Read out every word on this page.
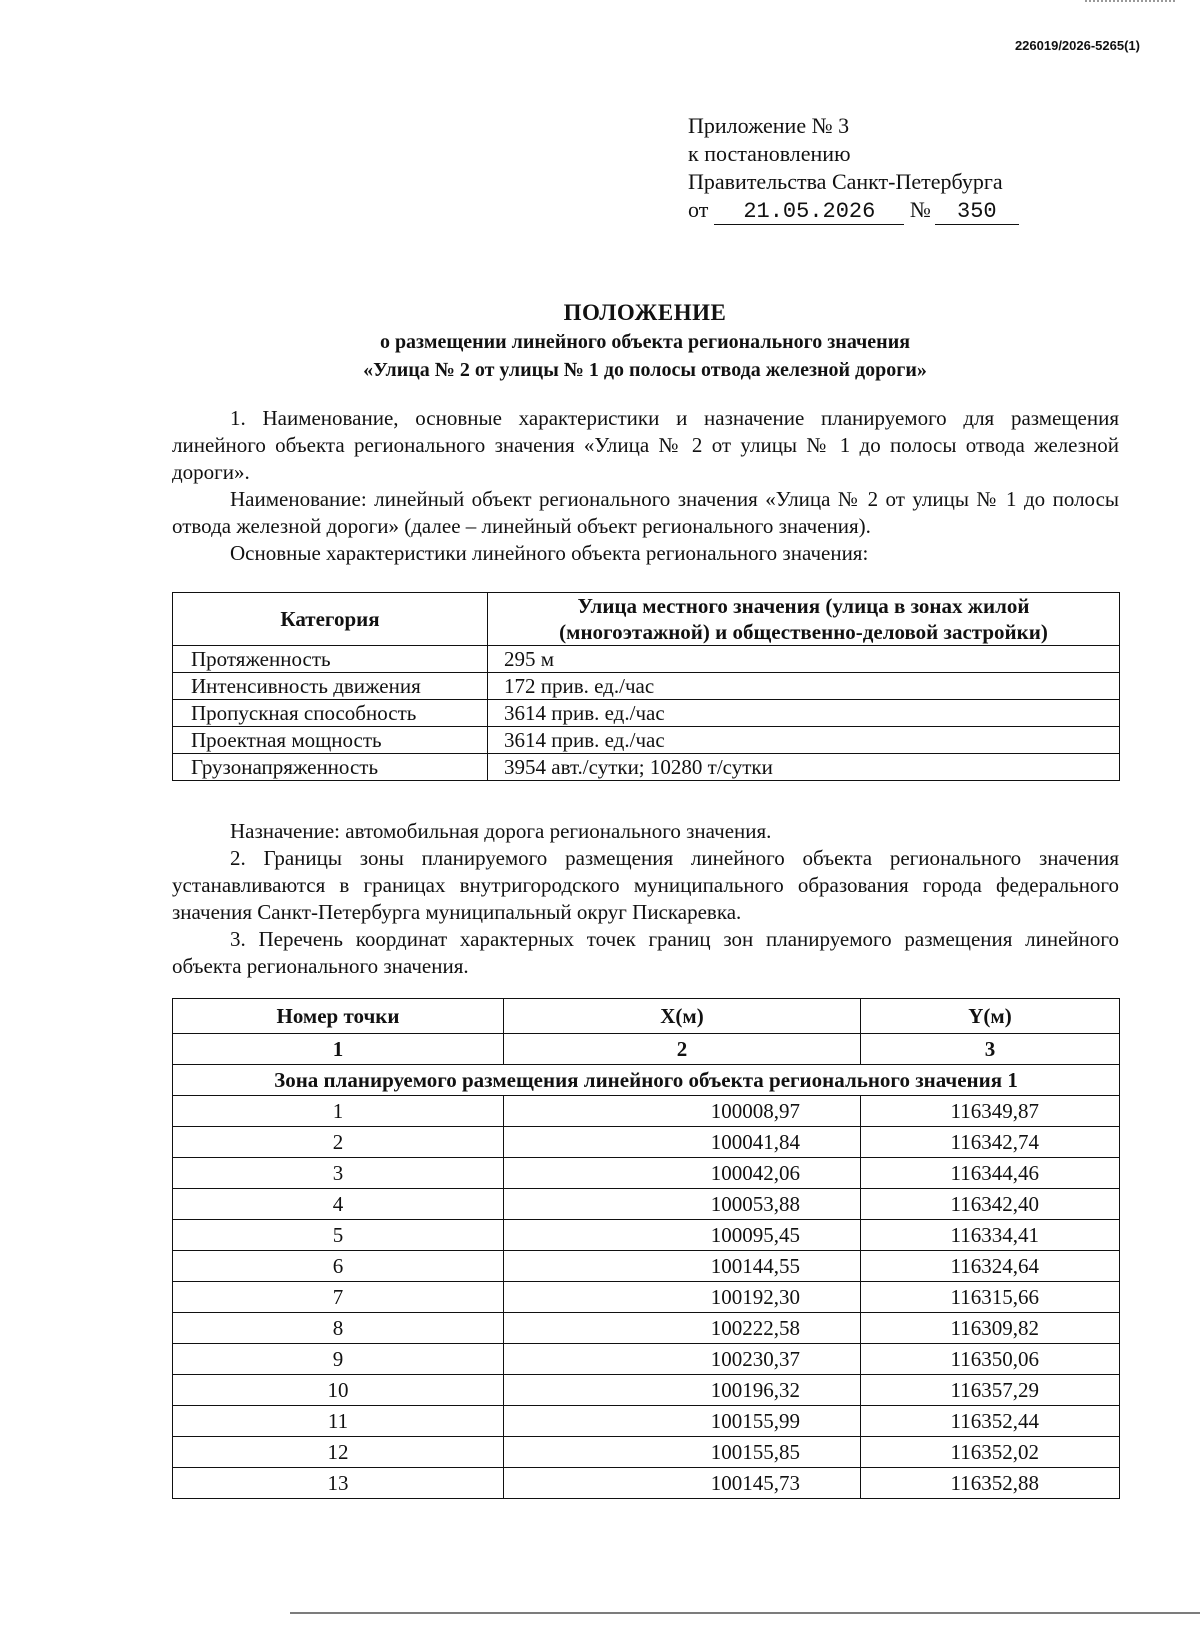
226019/2026-5265(1)
Приложение № 3
к постановлению
Правительства Санкт-Петербурга
от 21.05.2026 № 350
ПОЛОЖЕНИЕ
о размещении линейного объекта регионального значения
«Улица № 2 от улицы № 1 до полосы отвода железной дороги»
1. Наименование, основные характеристики и назначение планируемого для размещения линейного объекта регионального значения «Улица № 2 от улицы № 1 до полосы отвода железной дороги».
Наименование: линейный объект регионального значения «Улица № 2 от улицы № 1 до полосы отвода железной дороги» (далее – линейный объект регионального значения).
Основные характеристики линейного объекта регионального значения:
Категория	Улица местного значения (улица в зонах жилой
(многоэтажной) и общественно-деловой застройки)

Протяженность	295 м
Интенсивность движения	172 прив. ед./час
Пропускная способность	3614 прив. ед./час
Проектная мощность	3614 прив. ед./час
Грузонапряженность	3954 авт./сутки; 10280 т/сутки
Назначение: автомобильная дорога регионального значения.
2. Границы зоны планируемого размещения линейного объекта регионального значения устанавливаются в границах внутригородского муниципального образования города федерального значения Санкт-Петербурга муниципальный округ Пискаревка.
3. Перечень координат характерных точек границ зон планируемого размещения линейного объекта регионального значения.
Номер точки	X(м)	Y(м)
1	2	3
Зона планируемого размещения линейного объекта регионального значения 1		
1	100008,97	116349,87
2	100041,84	116342,74
3	100042,06	116344,46
4	100053,88	116342,40
5	100095,45	116334,41
6	100144,55	116324,64
7	100192,30	116315,66
8	100222,58	116309,82
9	100230,37	116350,06
10	100196,32	116357,29
11	100155,99	116352,44
12	100155,85	116352,02
13	100145,73	116352,88
